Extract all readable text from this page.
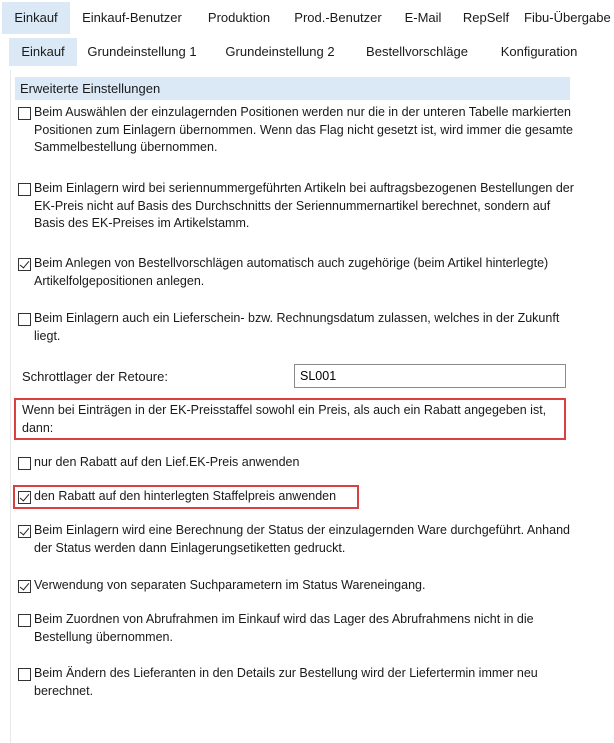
Einkauf	Einkauf-Benutzer	Produktion	Prod.-Benutzer	E-Mail	RepSelf	Fibu-Übergabe
Einkauf	Grundeinstellung 1	Grundeinstellung 2	Bestellvorschläge	Konfiguration
Erweiterte Einstellungen
Beim Auswählen der einzulagernden Positionen werden nur die in der unteren Tabelle markierten Positionen zum Einlagern übernommen. Wenn das Flag nicht gesetzt ist, wird immer die gesamte Sammelbestellung übernommen.
Beim Einlagern wird bei seriennummergeführten Artikeln bei auftragsbezogenen Bestellungen der EK-Preis nicht auf Basis des Durchschnitts der Seriennummernartikel berechnet, sondern auf Basis des EK-Preises im Artikelstamm.
Beim Anlegen von Bestellvorschlägen automatisch auch zugehörige (beim Artikel hinterlegte) Artikelfolgepositionen anlegen.
Beim Einlagern auch ein Lieferschein- bzw. Rechnungsdatum zulassen, welches in der Zukunft liegt.
Schrottlager der Retoure:
SL001
Wenn bei Einträgen in der EK-Preisstaffel sowohl ein Preis, als auch ein Rabatt angegeben ist, dann:
nur den Rabatt auf den Lief.EK-Preis anwenden
den Rabatt auf den hinterlegten Staffelpreis anwenden
Beim Einlagern wird eine Berechnung der Status der einzulagernden Ware durchgeführt. Anhand der Status werden dann Einlagerungsetiketten gedruckt.
Verwendung von separaten Suchparametern im Status Wareneingang.
Beim Zuordnen von Abrufrahmen im Einkauf wird das Lager des Abrufrahmens nicht in die Bestellung übernommen.
Beim Ändern des Lieferanten in den Details zur Bestellung wird der Liefertermin immer neu berechnet.
